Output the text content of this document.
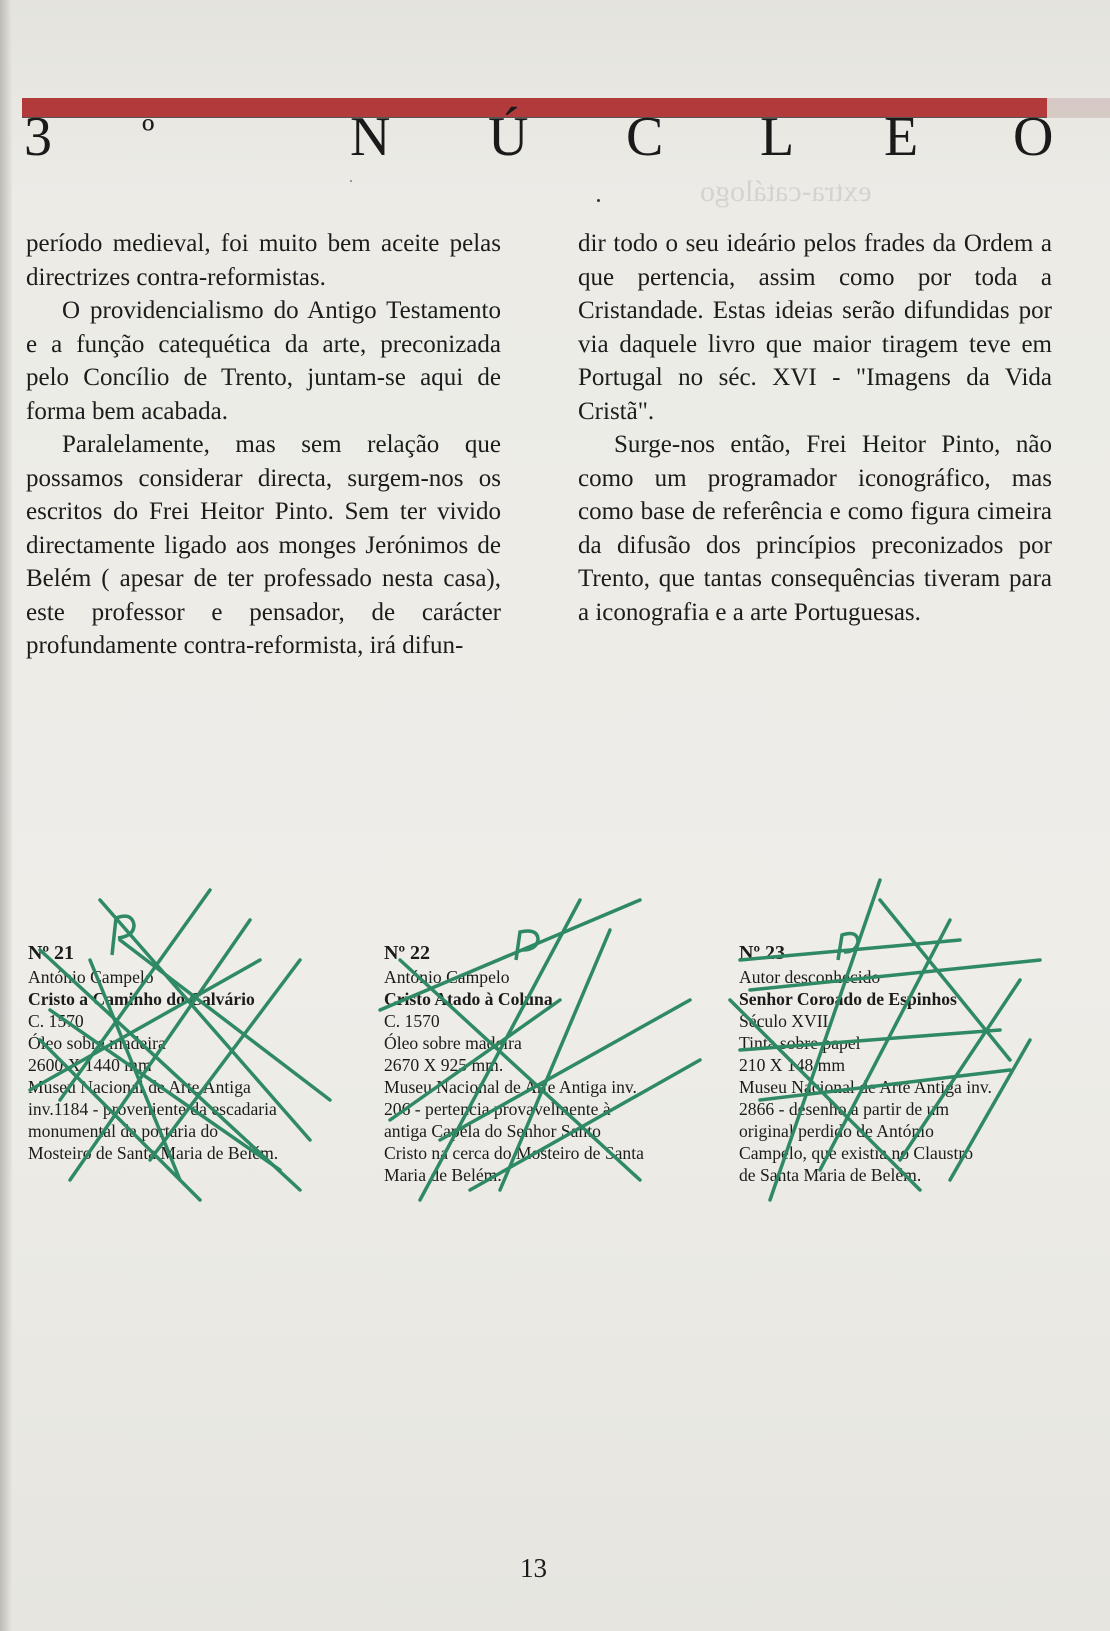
extra-catálogo
3 º	N Ú C L E O

período medieval, foi muito bem aceite pelas directrizes contra-reformistas.

O providencialismo do Antigo Testamento e a função catequética da arte, preconizada pelo Concílio de Trento, juntam-se aqui de forma bem acabada.

Paralelamente, mas sem relação que possamos considerar directa, surgem-nos os escritos do Frei Heitor Pinto. Sem ter vivido directamente ligado aos monges Jerónimos de Belém ( apesar de ter professado nesta casa), este professor e pensador, de carácter profundamente contra-reformista, irá difun-

dir todo o seu ideário pelos frades da Ordem a que pertencia, assim como por toda a Cristandade. Estas ideias serão difundidas por via daquele livro que maior tiragem teve em Portugal no séc. XVI - "Imagens da Vida Cristã".

Surge-nos então, Frei Heitor Pinto, não como um programador iconográfico, mas como base de referência e como figura cimeira da difusão dos princípios preconizados por Trento, que tantas consequências tiveram para a iconografia e a arte Portuguesas.

Nº 21
António Campelo
Cristo a Caminho do Calvário
C. 1570
Óleo sobre madeira
2600 X 1440 mm
Museu Nacional de Arte Antiga
inv.1184 - proveniente da escadaria
monumental da portaria do
Mosteiro de Santa Maria de Belém.
Nº 22
António Campelo
Cristo Atado à Coluna
C. 1570
Óleo sobre madeira
2670 X 925 mm.
Museu Nacional de Arte Antiga inv.
206 - pertencia provavelmente à
antiga Capela do Senhor Santo
Cristo na cerca do Mosteiro de Santa
Maria de Belém.
Nº 23
Autor desconhecido
Senhor Coroado de Espinhos
Século XVII
Tinta sobre papel
210 X 148 mm
Museu Nacional de Arte Antiga inv.
2866 - desenho a partir de um
original perdido de António
Campelo, que existia no Claustro
de Santa Maria de Belém.
13
